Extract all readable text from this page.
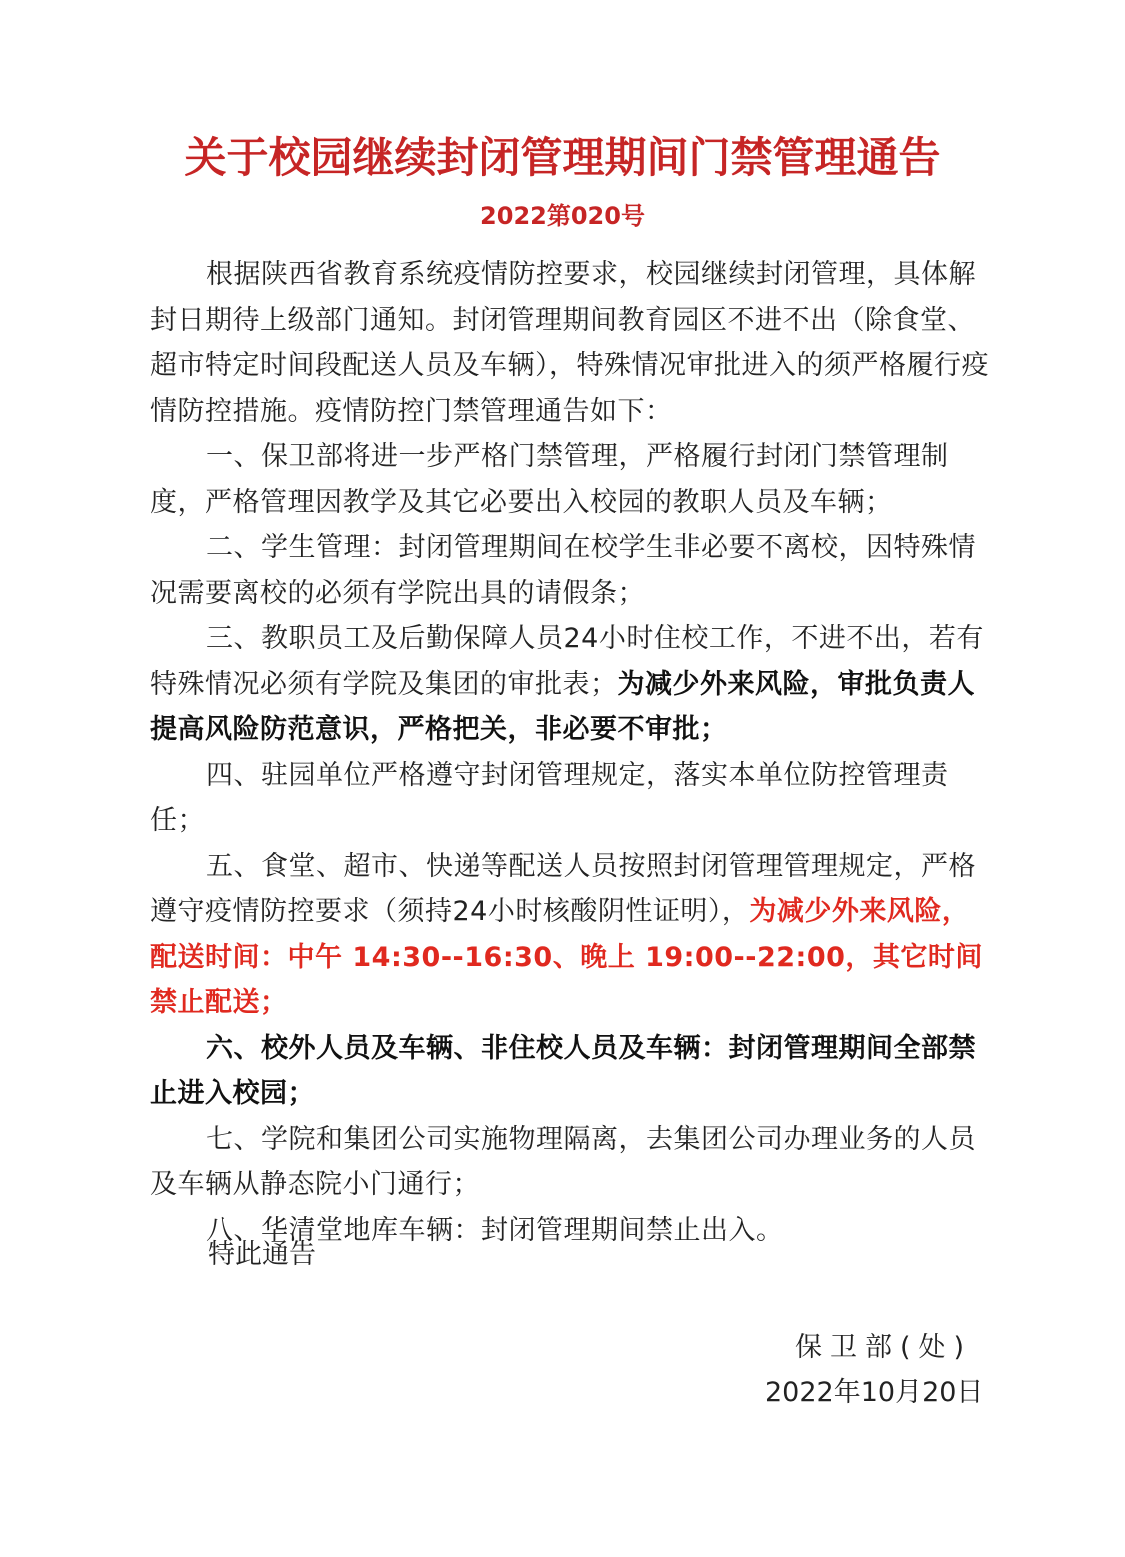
关于校园继续封闭管理期间门禁管理通告
2022第020号

根据陕西省教育系统疫情防控要求，校园继续封闭管理，具体解封日期待上级部门通知。封闭管理期间教育园区不进不出（除食堂、超市特定时间段配送人员及车辆），特殊情况审批进入的须严格履行疫情防控措施。疫情防控门禁管理通告如下：

一、保卫部将进一步严格门禁管理，严格履行封闭门禁管理制度，严格管理因教学及其它必要出入校园的教职人员及车辆；

二、学生管理：封闭管理期间在校学生非必要不离校，因特殊情况需要离校的必须有学院出具的请假条；

三、教职员工及后勤保障人员24小时住校工作，不进不出，若有特殊情况必须有学院及集团的审批表；为减少外来风险，审批负责人提高风险防范意识，严格把关，非必要不审批；

四、驻园单位严格遵守封闭管理规定，落实本单位防控管理责任；

五、食堂、超市、快递等配送人员按照封闭管理管理规定，严格遵守疫情防控要求（须持24小时核酸阴性证明），为减少外来风险，配送时间：中午 14:30--16:30、晚上 19:00--22:00，其它时间禁止配送；

六、校外人员及车辆、非住校人员及车辆：封闭管理期间全部禁止进入校园；

七、学院和集团公司实施物理隔离，去集团公司办理业务的人员及车辆从静态院小门通行；

八、华清堂地库车辆：封闭管理期间禁止出入。

特此通告
保卫部(处)
2022年10月20日
